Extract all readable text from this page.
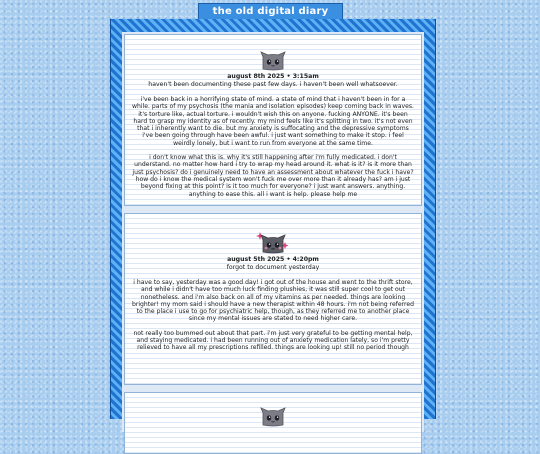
the old digital diary
august 8th 2025 • 3:15am
haven't been documenting these past few days. i haven't been well whatsoever.

i've been back in a horrifying state of mind. a state of mind that i haven't been in for a while. parts of my psychosis (the mania and isolation episodes) keep coming back in waves. it's torture like, actual torture. i wouldn't wish this on anyone. fucking ANYONE. it's been hard to grasp my identity as of recently. my mind feels like it's splitting in two. it's not even that i inherently want to die. but my anxiety is suffocating and the depressive symptoms i've been going through have been awful. i just want something to make it stop. i feel weirdly lonely, but i want to run from everyone at the same time.

i don't know what this is. why it's still happening after i'm fully medicated. i don't understand. no matter how hard i try to wrap my head around it. what is it? is it more than just psychosis? do i genuinely need to have an assessment about whatever the fuck i have? how do i know the medical system won't fuck me over more than it already has? am i just beyond fixing at this point? is it too much for everyone? i just want answers. anything. anything to ease this. all i want is help. please help me

august 5th 2025 • 4:20pm
forgot to document yesterday

i have to say, yesterday was a good day! i got out of the house and went to the thrift store, and while i didn't have too much luck finding plushies, it was still super cool to get out nonetheless. and i'm also back on all of my vitamins as per needed. things are looking brighter! my mom said i should have a new therapist within 48 hours. i'm not being referred to the place i use to go for psychiatric help, though, as they referred me to another place since my mental issues are stated to need higher care.

not really too bummed out about that part. i'm just very grateful to be getting mental help, and staying medicated. i had been running out of anxiety medication lately, so i'm pretty relieved to have all my prescriptions refilled. things are looking up! still no period though
